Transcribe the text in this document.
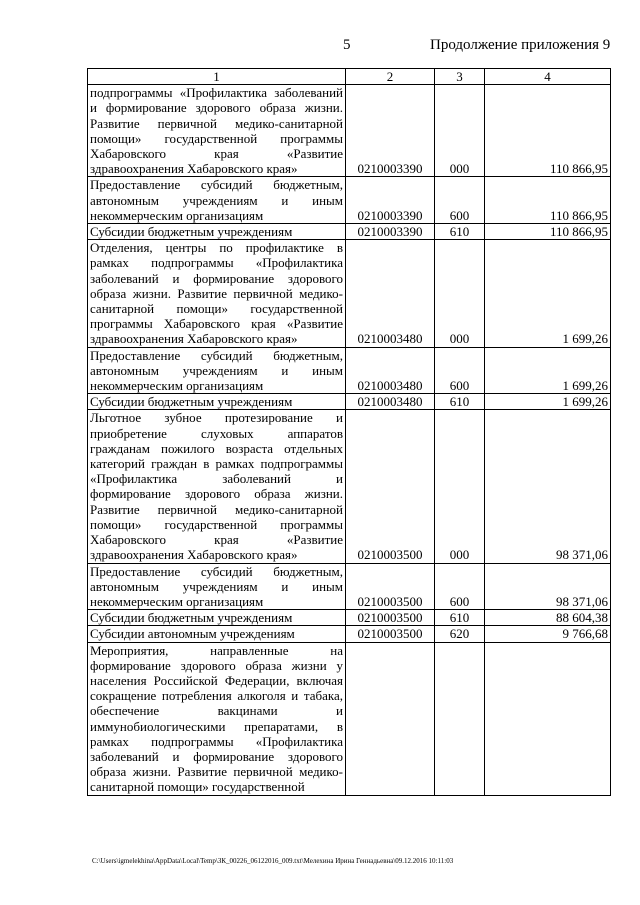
5	Продолжение приложения 9
1	2	3	4
подпрограммы «Профилактика заболеваний и формирование здорового образа жизни. Развитие первичной медико-санитарной помощи» государственной программы Хабаровского края «Развитие здравоохранения Хабаровского края»	0210003390	000	110 866,95
Предоставление субсидий бюджетным, автономным учреждениям и иным некоммерческим организациям	0210003390	600	110 866,95
Субсидии бюджетным учреждениям	0210003390	610	110 866,95
Отделения, центры по профилактике в рамках подпрограммы «Профилактика заболеваний и формирование здорового образа жизни. Развитие первичной медико-санитарной помощи» государственной программы Хабаровского края «Развитие здравоохранения Хабаровского края»	0210003480	000	1 699,26
Предоставление субсидий бюджетным, автономным учреждениям и иным некоммерческим организациям	0210003480	600	1 699,26
Субсидии бюджетным учреждениям	0210003480	610	1 699,26
Льготное зубное протезирование и приобретение слуховых аппаратов гражданам пожилого возраста отдельных категорий граждан в рамках подпрограммы «Профилактика заболеваний и формирование здорового образа жизни. Развитие первичной медико-санитарной помощи» государственной программы Хабаровского края «Развитие здравоохранения Хабаровского края»	0210003500	000	98 371,06
Предоставление субсидий бюджетным, автономным учреждениям и иным некоммерческим организациям	0210003500	600	98 371,06
Субсидии бюджетным учреждениям	0210003500	610	88 604,38
Субсидии автономным учреждениям	0210003500	620	9 766,68
Мероприятия, направленные на формирование здорового образа жизни у населения Российской Федерации, включая сокращение потребления алкоголя и табака, обеспечение вакцинами и иммунобиологическими препаратами, в рамках подпрограммы «Профилактика заболеваний и формирование здорового образа жизни. Развитие первичной медико-санитарной помощи» государственной			
C:\Users\igmelekhina\AppData\Local\Temp\ЗК_00226_06122016_009.txt\Мелехина Ирина Геннадьевна\09.12.2016 10:11:03
